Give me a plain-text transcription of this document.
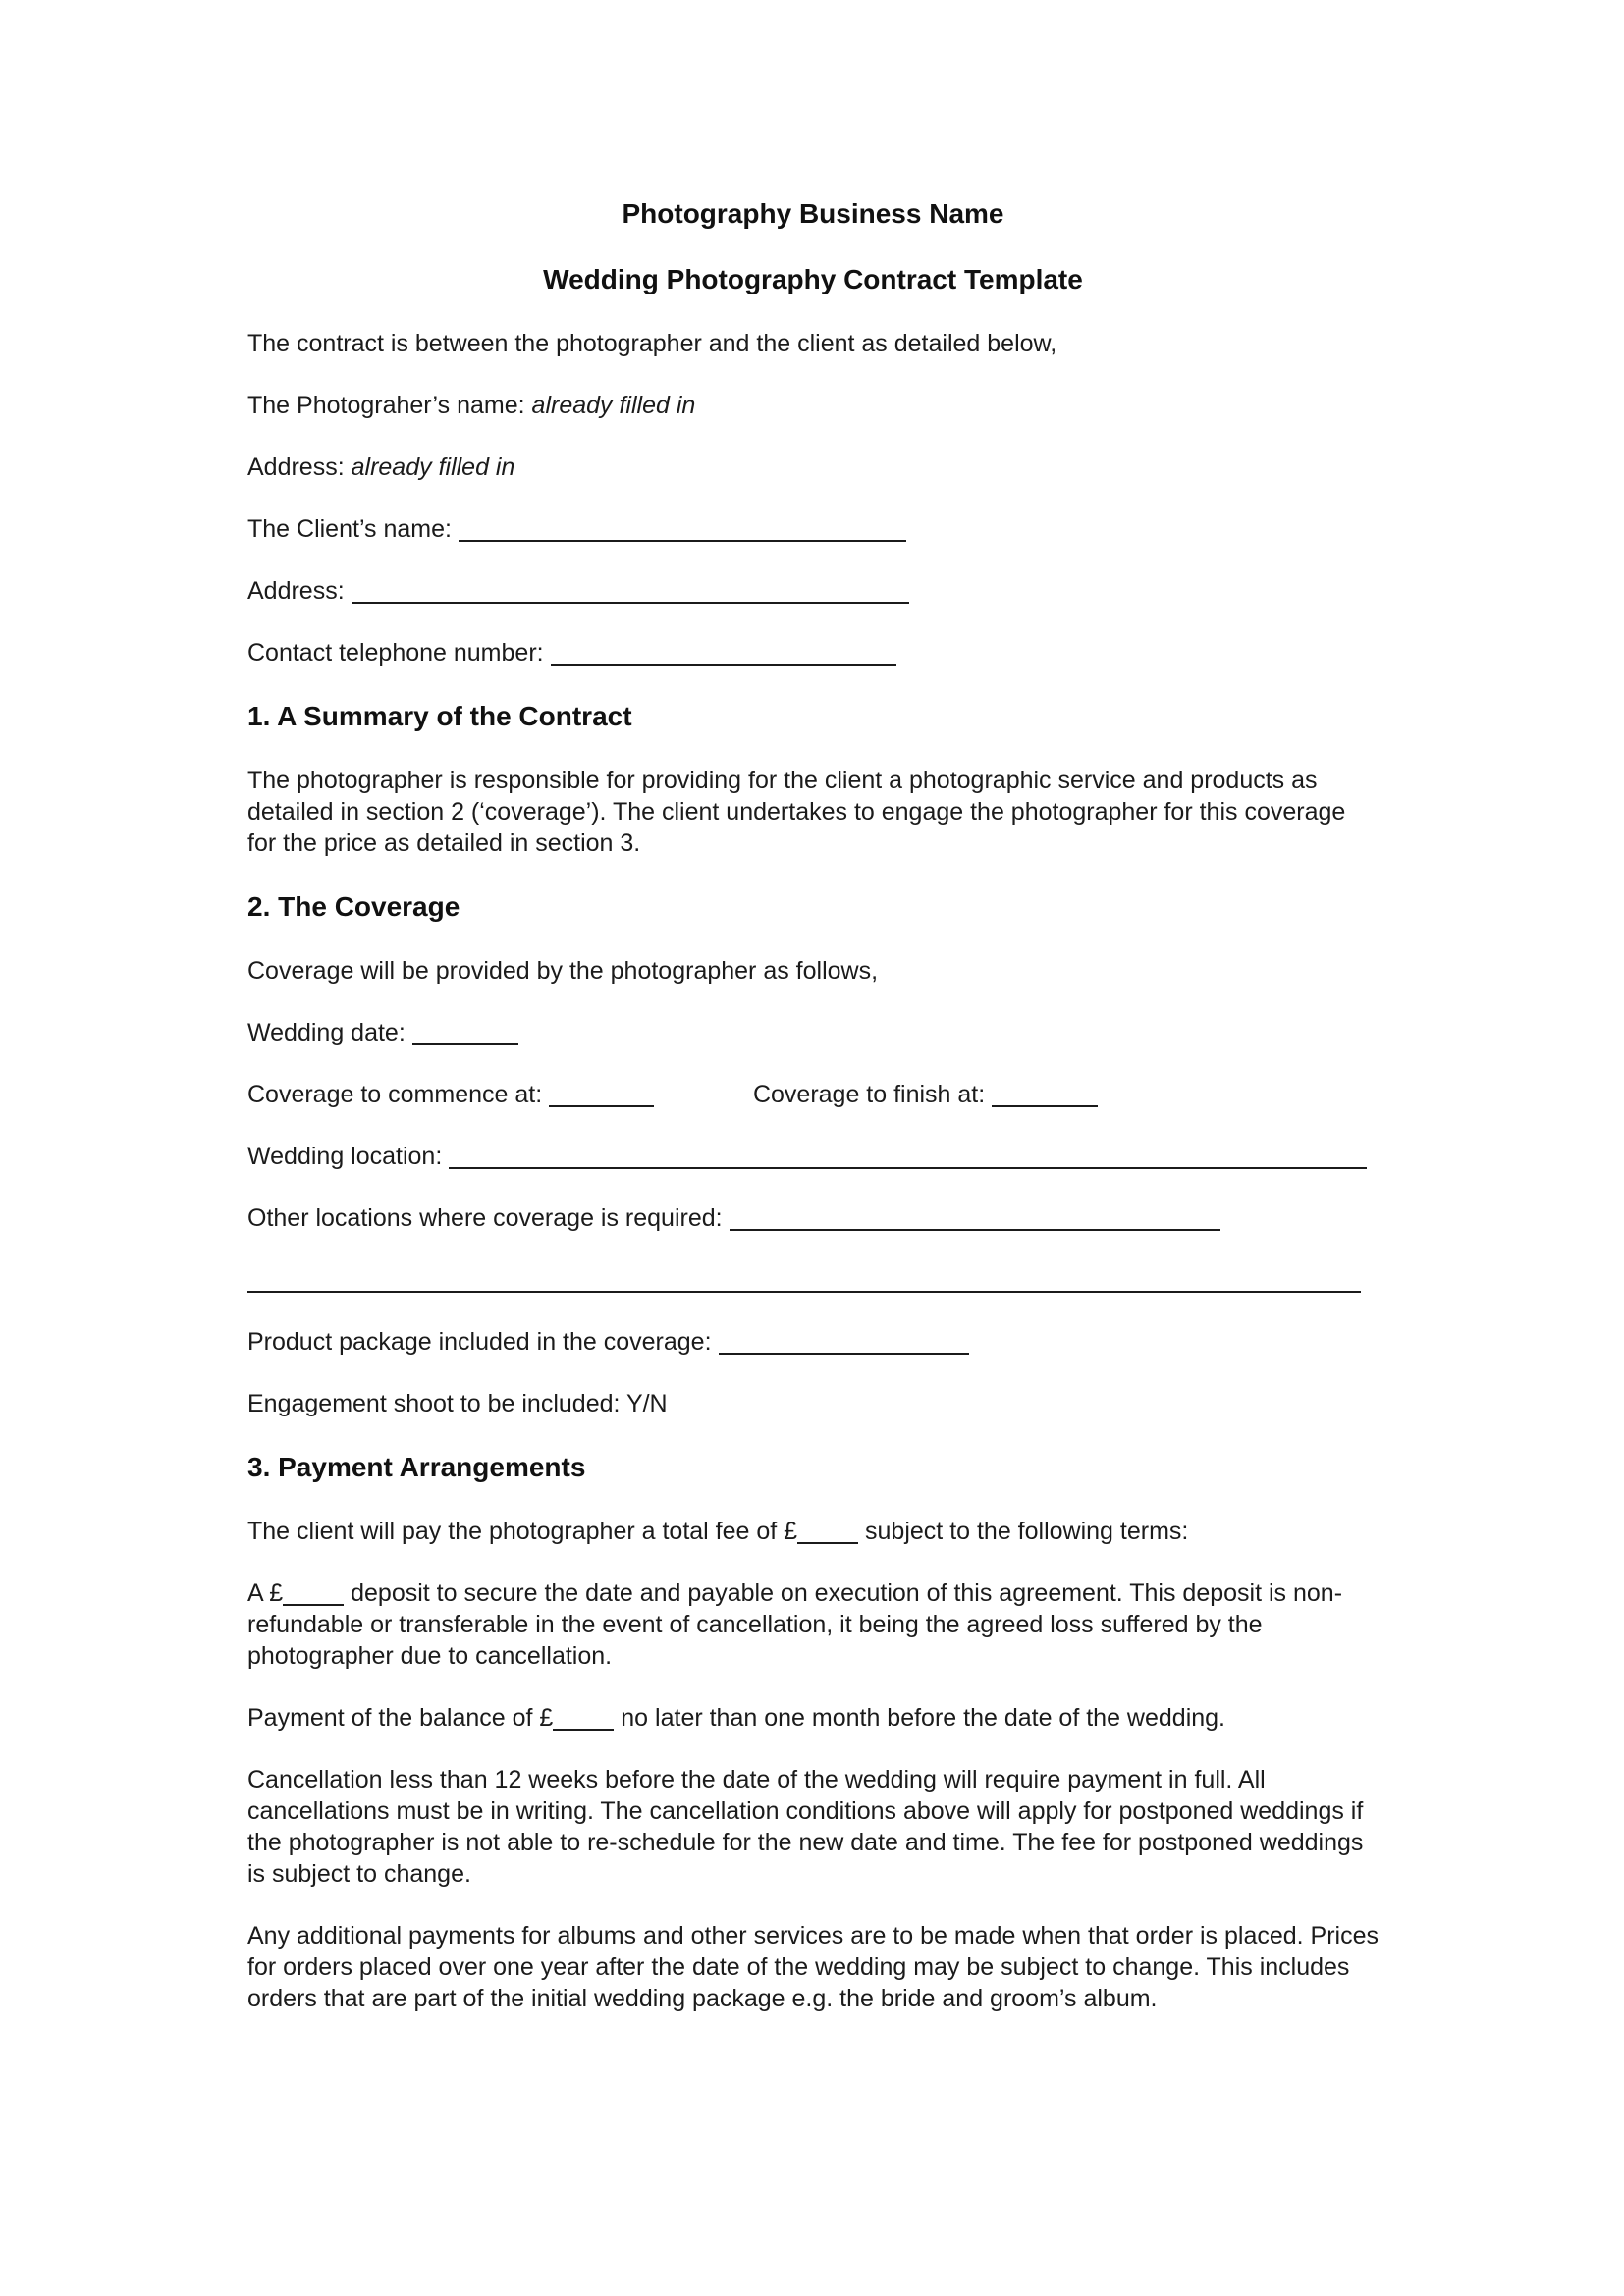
Photography Business Name

Wedding Photography Contract Template

The contract is between the photographer and the client as detailed below,

The Photograher’s name: already filled in

Address: already filled in

The Client’s name:

Address:

Contact telephone number:

1. A Summary of the Contract

The photographer is responsible for providing for the client a photographic service and products as detailed in section 2 (‘coverage’). The client undertakes to engage the photographer for this coverage for the price as detailed in section 3.

2. The Coverage

Coverage will be provided by the photographer as follows,

Wedding date:

Coverage to commence at:	Coverage to finish at:

Wedding location:

Other locations where coverage is required:

Product package included in the coverage:

Engagement shoot to be included: Y/N

3. Payment Arrangements

The client will pay the photographer a total fee of £	subject to the following terms:

A £	deposit to secure the date and payable on execution of this agreement. This deposit is non-refundable or transferable in the event of cancellation, it being the agreed loss suffered by the photographer due to cancellation.

Payment of the balance of £	no later than one month before the date of the wedding.

Cancellation less than 12 weeks before the date of the wedding will require payment in full. All cancellations must be in writing. The cancellation conditions above will apply for postponed weddings if the photographer is not able to re-schedule for the new date and time. The fee for postponed weddings is subject to change.

Any additional payments for albums and other services are to be made when that order is placed. Prices for orders placed over one year after the date of the wedding may be subject to change. This includes orders that are part of the initial wedding package e.g. the bride and groom’s album.
